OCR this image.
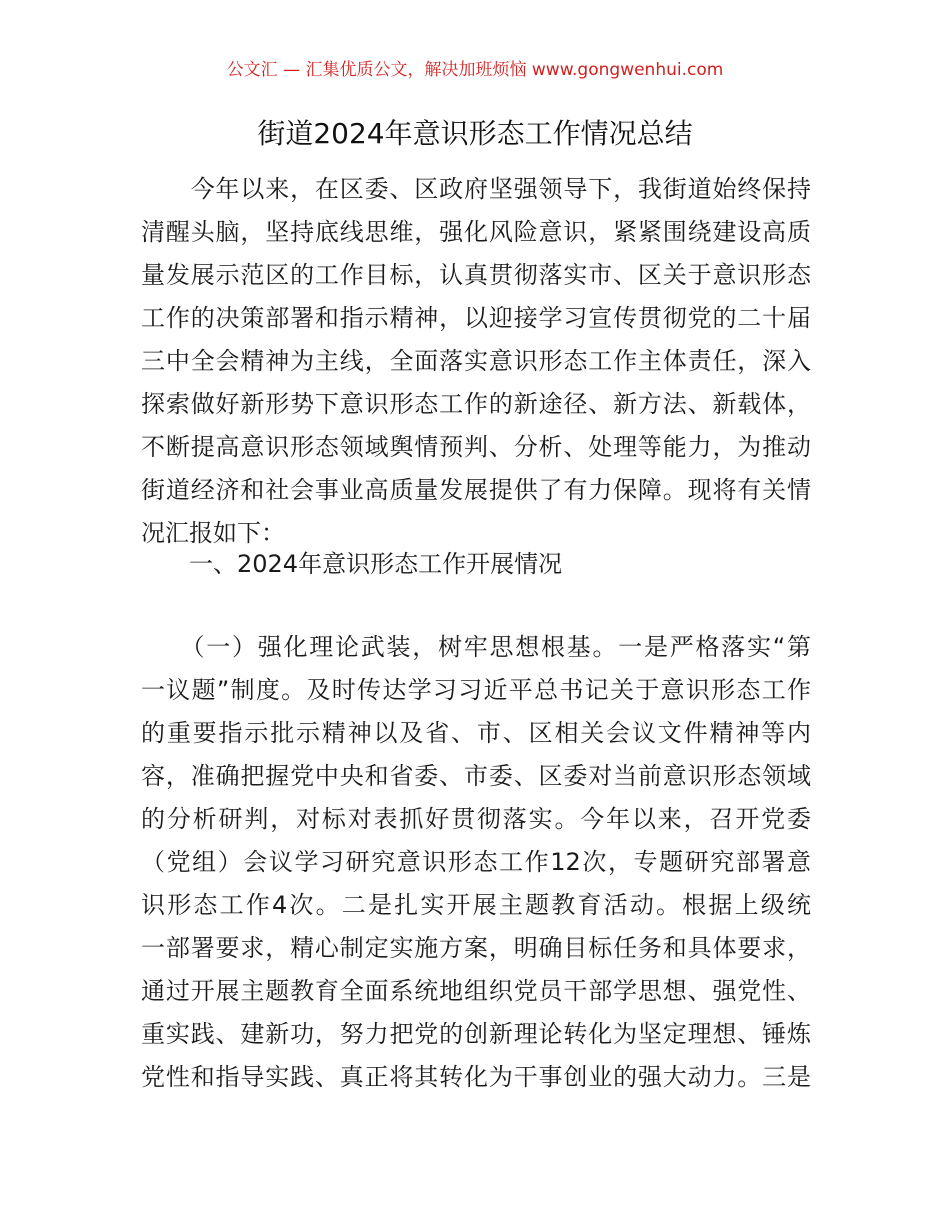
公文汇 — 汇集优质公文，解决加班烦恼 www.gongwenhui.com
街道2024年意识形态工作情况总结
　　今年以来，在区委、区政府坚强领导下，我街道始终保持
清醒头脑，坚持底线思维，强化风险意识，紧紧围绕建设高质
量发展示范区的工作目标，认真贯彻落实市、区关于意识形态
工作的决策部署和指示精神，以迎接学习宣传贯彻党的二十届
三中全会精神为主线，全面落实意识形态工作主体责任，深入
探索做好新形势下意识形态工作的新途径、新方法、新载体，
不断提高意识形态领域舆情预判、分析、处理等能力，为推动
街道经济和社会事业高质量发展提供了有力保障。现将有关情
况汇报如下：
　　一、2024年意识形态工作开展情况
　　（一）强化理论武装，树牢思想根基。一是严格落实“第
一议题”制度。及时传达学习习近平总书记关于意识形态工作
的重要指示批示精神以及省、市、区相关会议文件精神等内
容，准确把握党中央和省委、市委、区委对当前意识形态领域
的分析研判，对标对表抓好贯彻落实。今年以来，召开党委
（党组）会议学习研究意识形态工作12次，专题研究部署意
识形态工作4次。二是扎实开展主题教育活动。根据上级统
一部署要求，精心制定实施方案，明确目标任务和具体要求，
通过开展主题教育全面系统地组织党员干部学思想、强党性、
重实践、建新功，努力把党的创新理论转化为坚定理想、锤炼
党性和指导实践、真正将其转化为干事创业的强大动力。三是
